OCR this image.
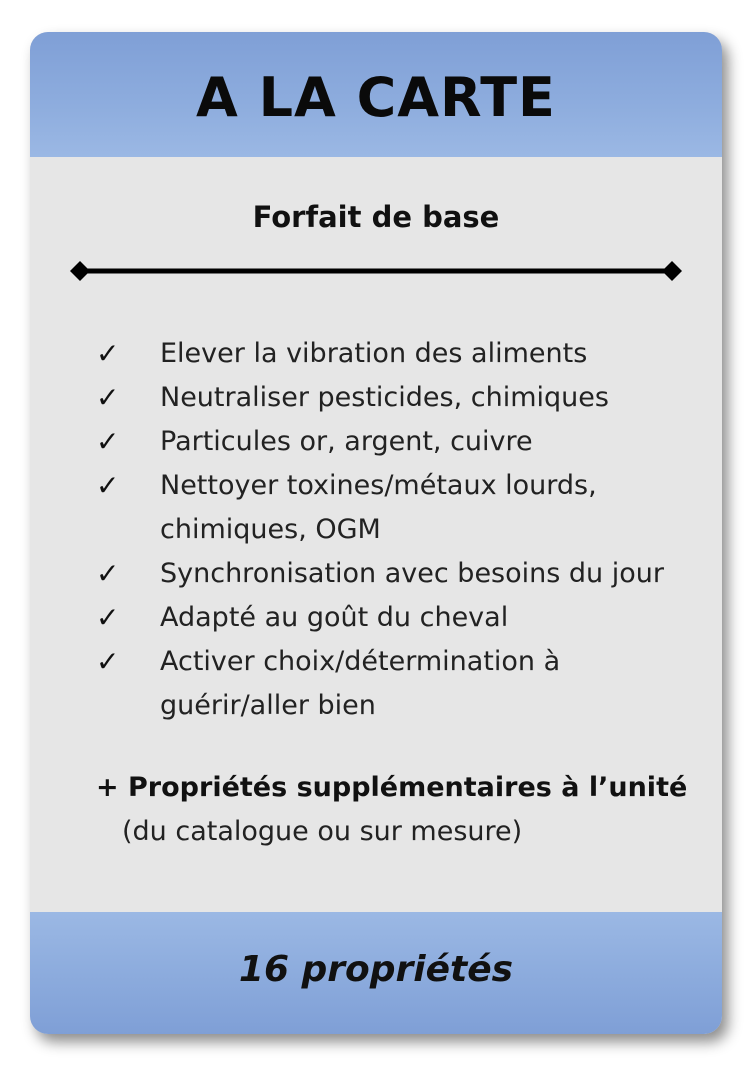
A LA CARTE
Forfait de base
✓	Elever la vibration des aliments
✓	Neutraliser pesticides, chimiques
✓	Particules or, argent, cuivre
✓	Nettoyer toxines/métaux lourds, chimiques, OGM
✓	Synchronisation avec besoins du jour
✓	Adapté au goût du cheval
✓	Activer choix/détermination à guérir/aller bien
+ Propriétés supplémentaires à l’unité
(du catalogue ou sur mesure)
16 propriétés
